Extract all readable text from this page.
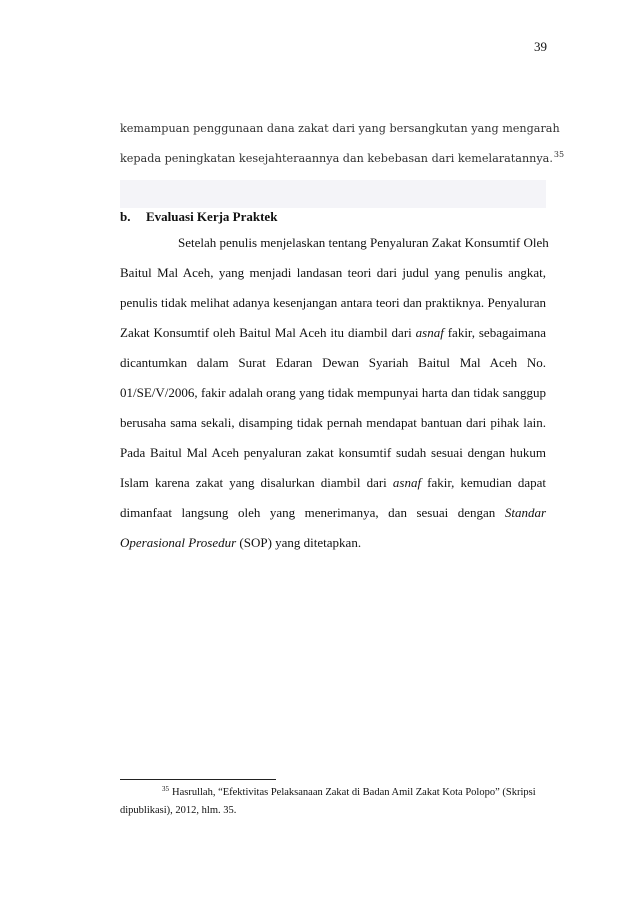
39
kemampuan penggunaan dana zakat dari yang bersangkutan yang mengarah
kepada peningkatan kesejahteraannya dan kebebasan dari kemelaratannya.$^{35}$
b. Evaluasi Kerja Praktek
Setelah penulis menjelaskan tentang Penyaluran Zakat Konsumtif Oleh
Baitul Mal Aceh, yang menjadi landasan teori dari judul yang penulis angkat,
penulis tidak melihat adanya kesenjangan antara teori dan praktiknya. Penyaluran
Zakat Konsumtif oleh Baitul Mal Aceh itu diambil dari asnaf fakir, sebagaimana
dicantumkan dalam Surat Edaran Dewan Syariah Baitul Mal Aceh No.
01/SE/V/2006, fakir adalah orang yang tidak mempunyai harta dan tidak sanggup
berusaha sama sekali, disamping tidak pernah mendapat bantuan dari pihak lain.
Pada Baitul Mal Aceh penyaluran zakat konsumtif sudah sesuai dengan hukum
Islam karena zakat yang disalurkan diambil dari asnaf fakir, kemudian dapat
dimanfaat langsung oleh yang menerimanya, dan sesuai dengan Standar
Operasional Prosedur (SOP) yang ditetapkan.
$^{35}$ Hasrullah, “Efektivitas Pelaksanaan Zakat di Badan Amil Zakat Kota Polopo” (Skripsi
dipublikasi), 2012, hlm. 35.
